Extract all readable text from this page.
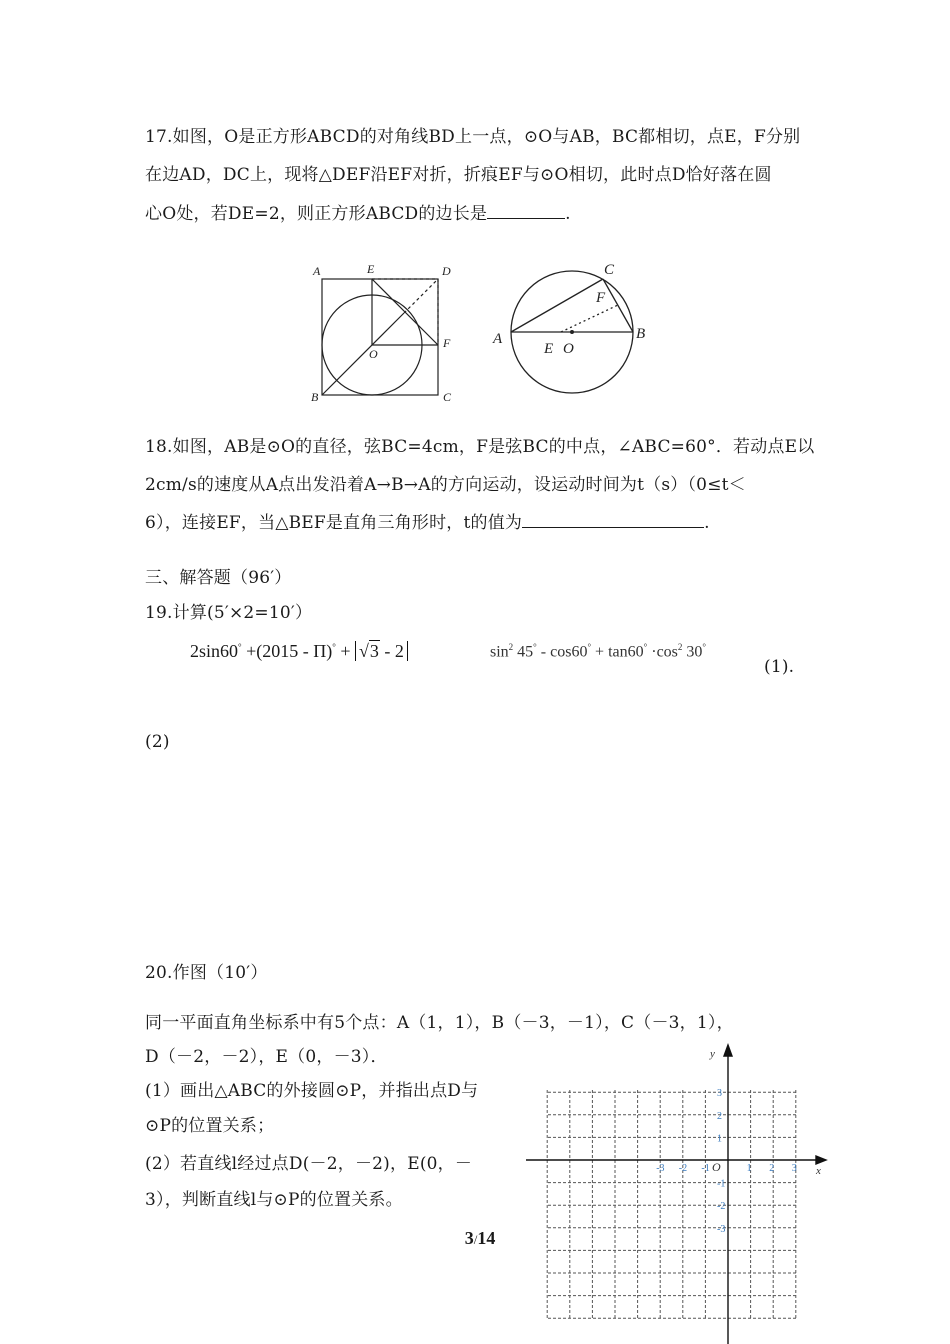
17.如图，O是正方形ABCD的对角线BD上一点，⊙O与AB，BC都相切，点E，F分别
在边AD，DC上，现将△DEF沿EF对折，折痕EF与⊙O相切，此时点D恰好落在圆
心O处，若DE=2，则正方形ABCD的边长是	.
A	E	D
O
F
B	C
A
E O
F
B
C
18.如图，AB是⊙O的直径，弦BC=4cm，F是弦BC的中点，∠ABC=60°．若动点E以
2cm/s的速度从A点出发沿着A→B→A的方向运动，设运动时间为t（s）（0≤t＜
6），连接EF，当△BEF是直角三角形时，t的值为	.
三、解答题（96′）
19.计算(5′×2=10′）
2sin60° +(2015 - Π)° + √3 - 2	$\sin^2 45^\circ - \cos 60^\circ + \tan 60^\circ \cdot\cos^2$ 30°
(1).
(2)
20.作图（10′）
同一平面直角坐标系中有5个点：A（1，1），B（－3，－1），C（－3，1），
D（－2，－2），E（0，－3）．
(1）画出△ABC的外接圆⊙P，并指出点D与
⊙P的位置关系；
(2）若直线l经过点D(－2，－2)，E(0，－
3），判断直线l与⊙P的位置关系。
y
x
O
-3 -2 -1	1 2 3
3
2
1
-1
-2
-3
3/14
